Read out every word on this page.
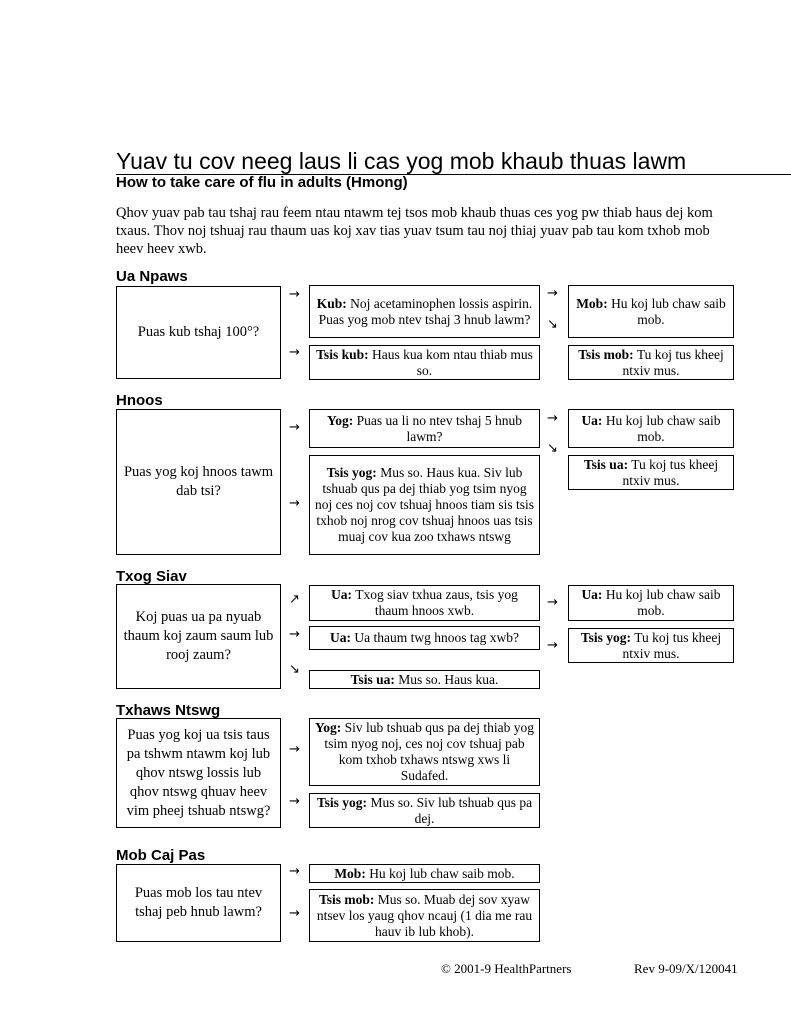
Yuav tu cov neeg laus li cas yog mob khaub thuas lawm
How to take care of flu in adults (Hmong)
Qhov yuav pab tau tshaj rau feem ntau ntawm tej tsos mob khaub thuas ces yog pw thiab haus dej kom txaus. Thov noj tshuaj rau thaum uas koj xav tias yuav tsum tau noj thiaj yuav pab tau kom txhob mob heev heev xwb.
Ua Npaws
Puas kub tshaj 100°?
→
→
Kub: Noj acetaminophen lossis aspirin. Puas yog mob ntev tshaj 3 hnub lawm?
Tsis kub: Haus kua kom ntau thiab mus so.
→
↘
Mob: Hu koj lub chaw saib mob.
Tsis mob: Tu koj tus kheej ntxiv mus.
Hnoos
Puas yog koj hnoos tawm dab tsi?
→
→
Yog: Puas ua li no ntev tshaj 5 hnub lawm?
Tsis yog: Mus so. Haus kua. Siv lub tshuab qus pa dej thiab yog tsim nyog noj ces noj cov tshuaj hnoos tiam sis tsis txhob noj nrog cov tshuaj hnoos uas tsis muaj cov kua zoo txhaws ntswg
→
↘
Ua: Hu koj lub chaw saib mob.
Tsis ua: Tu koj tus kheej ntxiv mus.
Txog Siav
Koj puas ua pa nyuab thaum koj zaum saum lub rooj zaum?
↗
→
↘
Ua: Txog siav txhua zaus, tsis yog thaum hnoos xwb.
Ua: Ua thaum twg hnoos tag xwb?
Tsis ua: Mus so. Haus kua.
→
→
Ua: Hu koj lub chaw saib mob.
Tsis yog: Tu koj tus kheej ntxiv mus.
Txhaws Ntswg
Puas yog koj ua tsis taus pa tshwm ntawm koj lub qhov ntswg lossis lub qhov ntswg qhuav heev vim pheej tshuab ntswg?
→
→
Yog: Siv lub tshuab qus pa dej thiab yog tsim nyog noj, ces noj cov tshuaj pab kom txhob txhaws ntswg xws li Sudafed.
Tsis yog: Mus so. Siv lub tshuab qus pa dej.
Mob Caj Pas
Puas mob los tau ntev tshaj peb hnub lawm?
→
→
Mob: Hu koj lub chaw saib mob.
Tsis mob: Mus so. Muab dej sov xyaw ntsev los yaug qhov ncauj (1 dia me rau hauv ib lub khob).
© 2001-9 HealthPartners	Rev 9-09/X/120041
